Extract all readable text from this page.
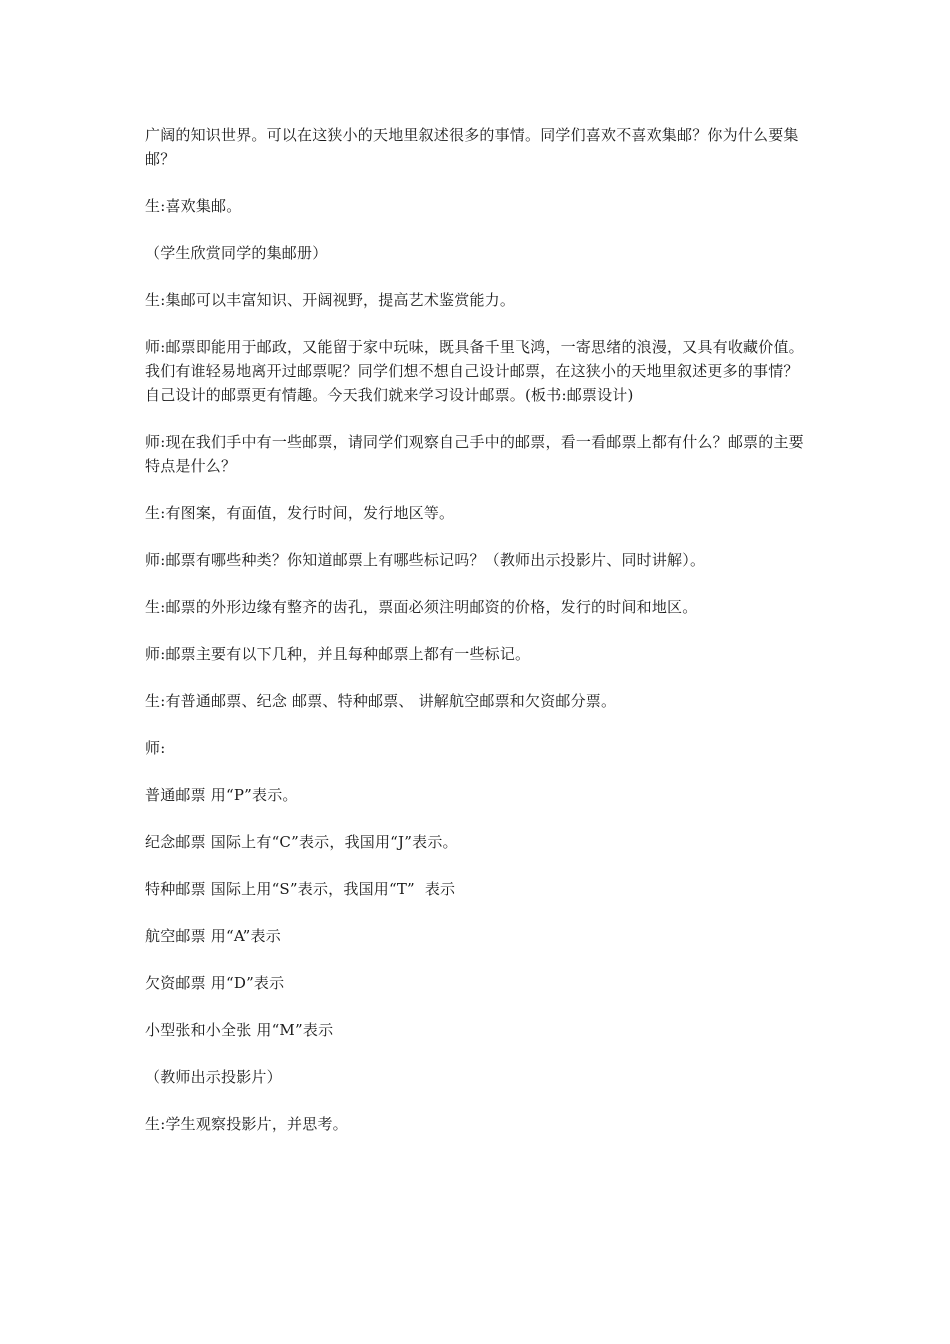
广阔的知识世界。可以在这狭小的天地里叙述很多的事情。同学们喜欢不喜欢集邮？你为什么要集邮？

生:喜欢集邮。

（学生欣赏同学的集邮册）

生:集邮可以丰富知识、开阔视野，提高艺术鉴赏能力。

师:邮票即能用于邮政，又能留于家中玩味，既具备千里飞鸿，一寄思绪的浪漫，又具有收藏价值。 我们有谁轻易地离开过邮票呢？同学们想不想自己设计邮票，在这狭小的天地里叙述更多的事情？自己设计的邮票更有情趣。今天我们就来学习设计邮票。(板书:邮票设计)

师:现在我们手中有一些邮票，请同学们观察自己手中的邮票，看一看邮票上都有什么？邮票的主要特点是什么？

生:有图案，有面值，发行时间，发行地区等。

师:邮票有哪些种类？你知道邮票上有哪些标记吗？（教师出示投影片、同时讲解）。

生:邮票的外形边缘有整齐的齿孔，票面必须注明邮资的价格，发行的时间和地区。

师:邮票主要有以下几种，并且每种邮票上都有一些标记。

生:有普通邮票、纪念 邮票、特种邮票、 讲解航空邮票和欠资邮分票。

师:

普通邮票 用“P”表示。

纪念邮票 国际上有“C”表示，我国用“J”表示。

特种邮票 国际上用“S”表示，我国用“T”  表示

航空邮票 用“A”表示

欠资邮票 用“D”表示

小型张和小全张 用“M”表示

（教师出示投影片）

生:学生观察投影片，并思考。
